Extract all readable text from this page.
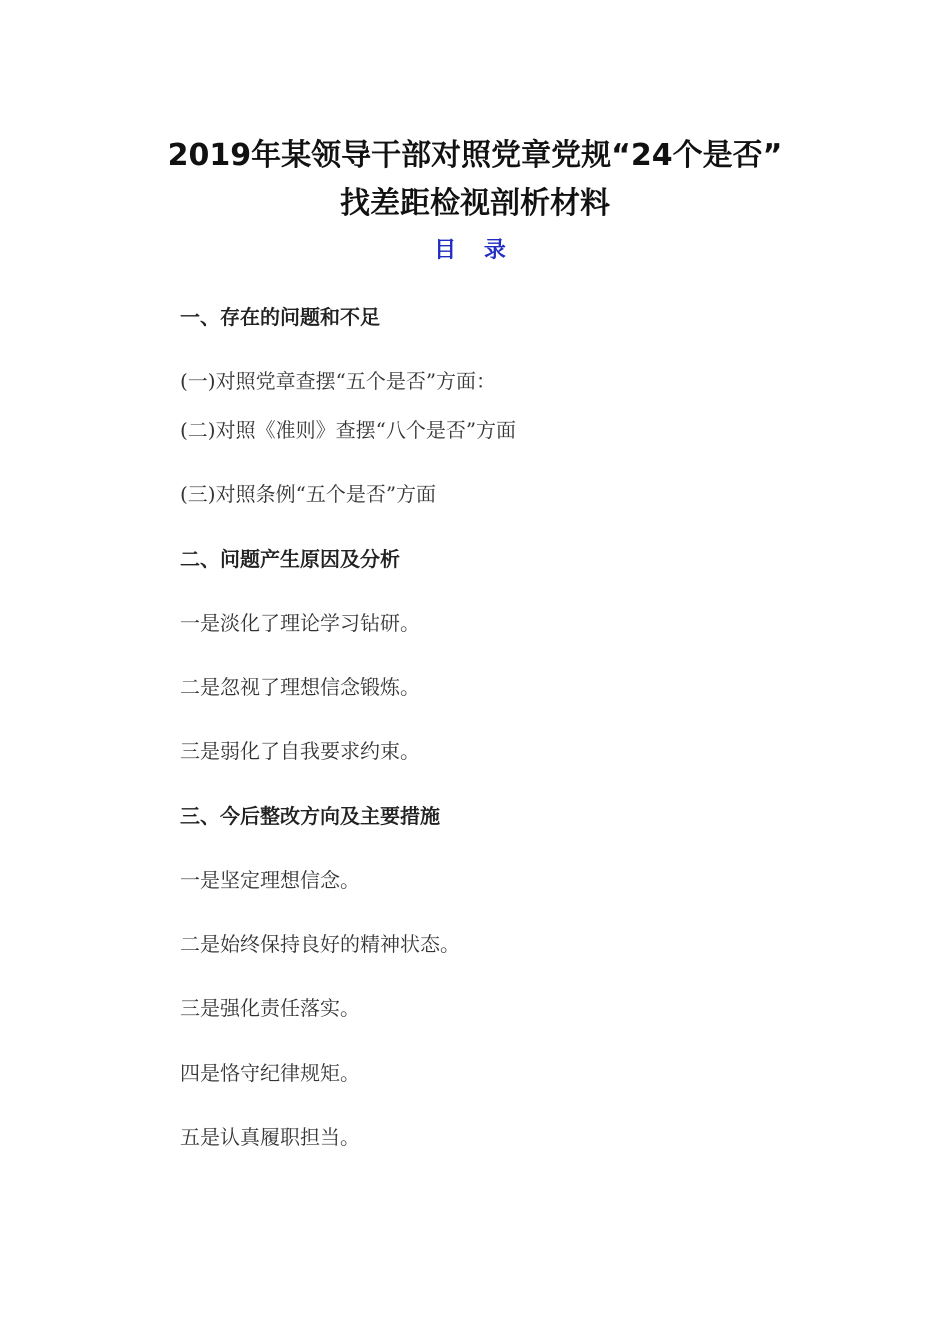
2019年某领导干部对照党章党规“24个是否”
找差距检视剖析材料
目 录
一、存在的问题和不足
(一)对照党章查摆“五个是否”方面：
(二)对照《准则》查摆“八个是否”方面
(三)对照条例“五个是否”方面
二、问题产生原因及分析
一是淡化了理论学习钻研。
二是忽视了理想信念锻炼。
三是弱化了自我要求约束。
三、今后整改方向及主要措施
一是坚定理想信念。
二是始终保持良好的精神状态。
三是强化责任落实。
四是恪守纪律规矩。
五是认真履职担当。
